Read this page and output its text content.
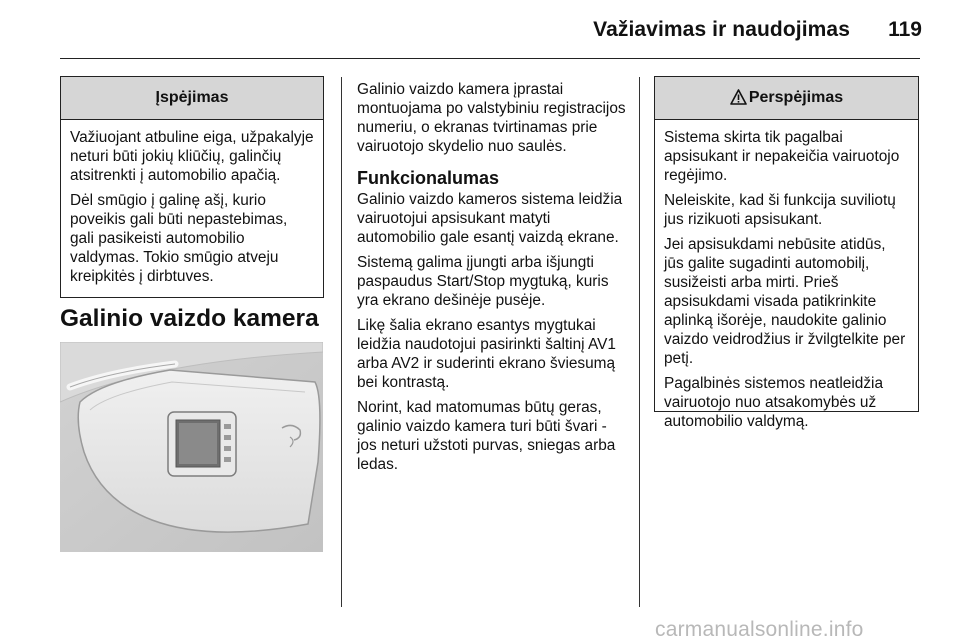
Važiavimas ir naudojimas	119
Įspėjimas

Važiuojant atbuline eiga, užpakalyje neturi būti jokių kliūčių, galinčių atsitrenkti į automobilio apačią.

Dėl smūgio į galinę ašį, kurio poveikis gali būti nepastebimas, gali pasikeisti automobilio valdymas. Tokio smūgio atveju kreipkitės į dirbtuves.

Galinio vaizdo kamera

Galinio vaizdo kamera įprastai montuojama po valstybiniu registracijos numeriu, o ekranas tvirtinamas prie vairuotojo skydelio nuo saulės.

Funkcionalumas

Galinio vaizdo kameros sistema leidžia vairuotojui apsisukant matyti automobilio gale esantį vaizdą ekrane.

Sistemą galima įjungti arba išjungti paspaudus Start/Stop mygtuką, kuris yra ekrano dešinėje pusėje.

Likę šalia ekrano esantys mygtukai leidžia naudotojui pasirinkti šaltinį AV1 arba AV2 ir suderinti ekrano šviesumą bei kontrastą.

Norint, kad matomumas būtų geras, galinio vaizdo kamera turi būti švari - jos neturi užstoti purvas, sniegas arba ledas.

Perspėjimas

Sistema skirta tik pagalbai apsisukant ir nepakeičia vairuotojo regėjimo.

Neleiskite, kad ši funkcija suviliotų jus rizikuoti apsisukant.

Jei apsisukdami nebūsite atidūs, jūs galite sugadinti automobilį, susižeisti arba mirti. Prieš apsisukdami visada patikrinkite aplinką išorėje, naudokite galinio vaizdo veidrodžius ir žvilgtelkite per petį.

Pagalbinės sistemos neatleidžia vairuotojo nuo atsakomybės už automobilio valdymą.

carmanualsonline.info
